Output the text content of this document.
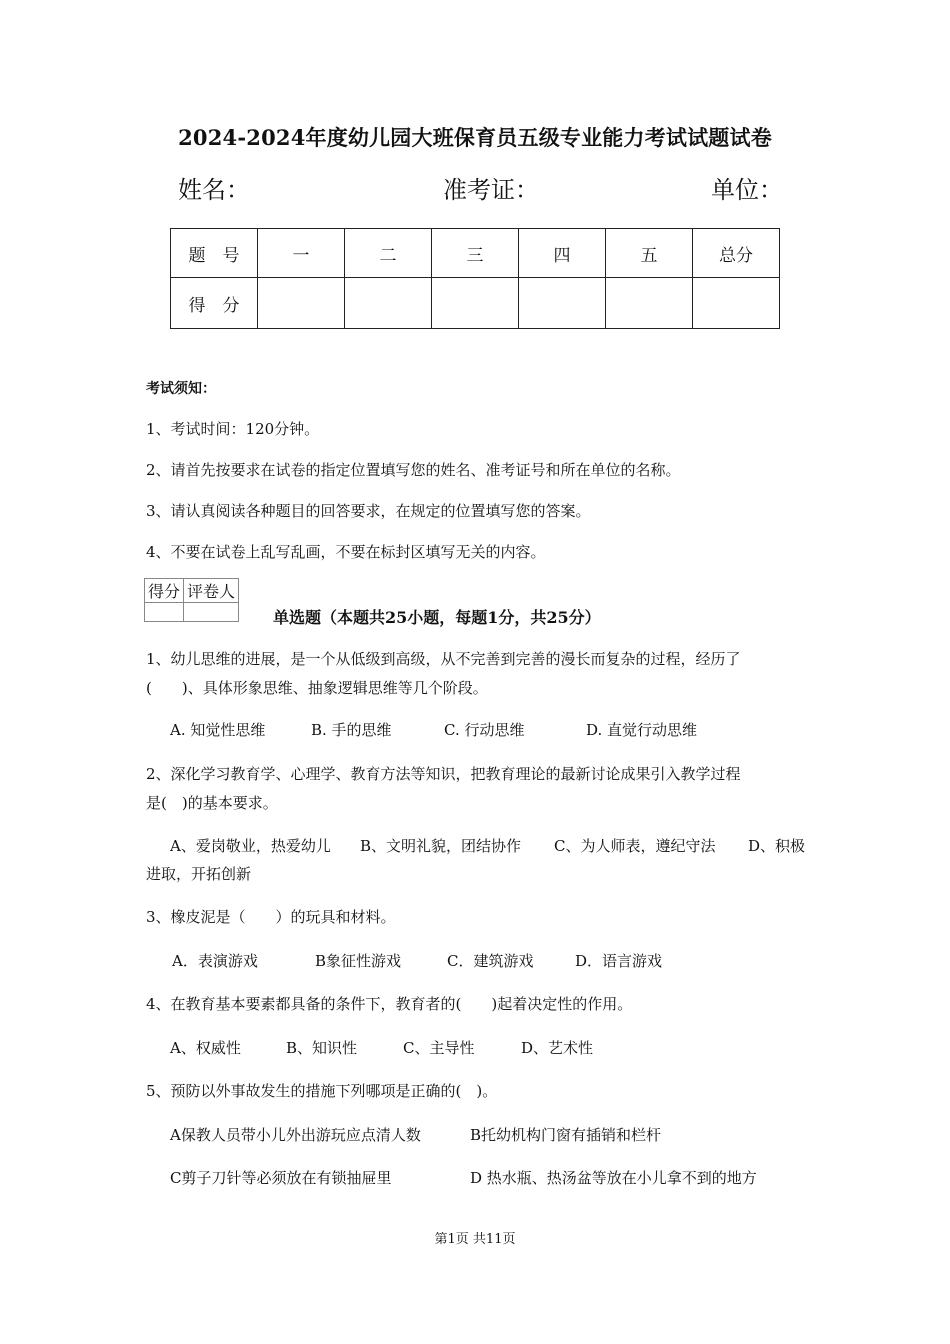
2024-2024年度幼儿园大班保育员五级专业能力考试试题试卷
姓名：	准考证：	单位：
题　号	一	二	三	四	五	总分
得　分						
考试须知：
1、考试时间：120分钟。
2、请首先按要求在试卷的指定位置填写您的姓名、准考证号和所在单位的名称。
3、请认真阅读各种题目的回答要求，在规定的位置填写您的答案。
4、不要在试卷上乱写乱画，不要在标封区填写无关的内容。
得分	评卷人

单选题（本题共25小题，每题1分，共25分）
1、幼儿思维的进展，是一个从低级到高级，从不完善到完善的漫长而复杂的过程，经历了
(　　)、具体形象思维、抽象逻辑思维等几个阶段。
A. 知觉性思维	B. 手的思维	C. 行动思维	D. 直觉行动思维
2、深化学习教育学、心理学、教育方法等知识，把教育理论的最新讨论成果引入教学过程
是(　)的基本要求。
A、爱岗敬业，热爱幼儿 B、文明礼貌，团结协作 C、为人师表，遵纪守法 D、积极
进取，开拓创新
3、橡皮泥是（　　）的玩具和材料。
A．表演游戏	B象征性游戏	C．建筑游戏	D．语言游戏
4、在教育基本要素都具备的条件下，教育者的(　　)起着决定性的作用。
A、权威性	B、知识性	C、主导性	D、艺术性
5、预防以外事故发生的措施下列哪项是正确的(　)。
A保教人员带小儿外出游玩应点清人数	B托幼机构门窗有插销和栏杆
C剪子刀针等必须放在有锁抽屉里	D 热水瓶、热汤盆等放在小儿拿不到的地方
第1页 共11页
